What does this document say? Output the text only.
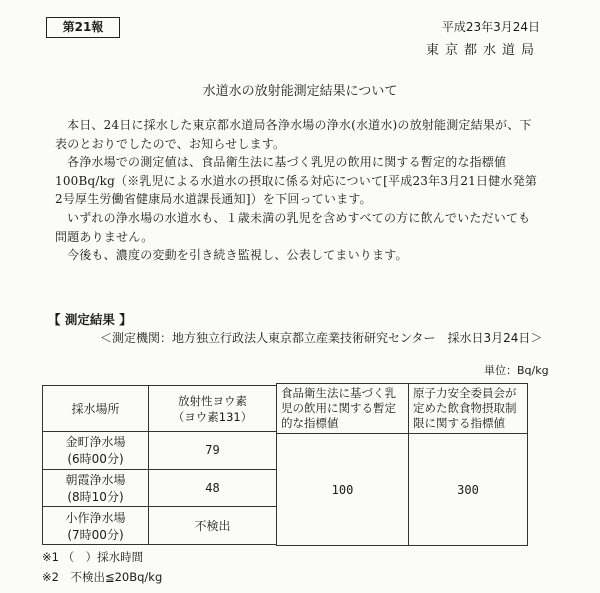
第21報	平成23年3月24日
東京都水道局
水道水の放射能測定結果について

本日、24日に採水した東京都水道局各浄水場の浄水(水道水)の放射能測定結果が、下

表のとおりでしたので、お知らせします。

各浄水場での測定値は、食品衛生法に基づく乳児の飲用に関する暫定的な指標値

100Bq/kg（※乳児による水道水の摂取に係る対応について[平成23年3月21日健水発第

2号厚生労働省健康局水道課長通知]）を下回っています。

いずれの浄水場の水道水も、１歳未満の乳児を含めすべての方に飲んでいただいても

問題ありません。

今後も、濃度の変動を引き続き監視し、公表してまいります。

【 測定結果 】
＜測定機関：地方独立行政法人東京都立産業技術研究センター　採水日3月24日＞
単位：Bq/kg
採水場所	放射性ヨウ素
（ヨウ素131）

金町浄水場
(6時00分)	79

朝霞浄水場
(8時10分)	48

小作浄水場
(7時00分)	不検出
食品衛生法に基づく乳児の飲用に関する暫定的な指標値	原子力安全委員会が定めた飲食物摂取制限に関する指標値
100	300
※1 （　）採水時間
※2　不検出≦20Bq/kg
